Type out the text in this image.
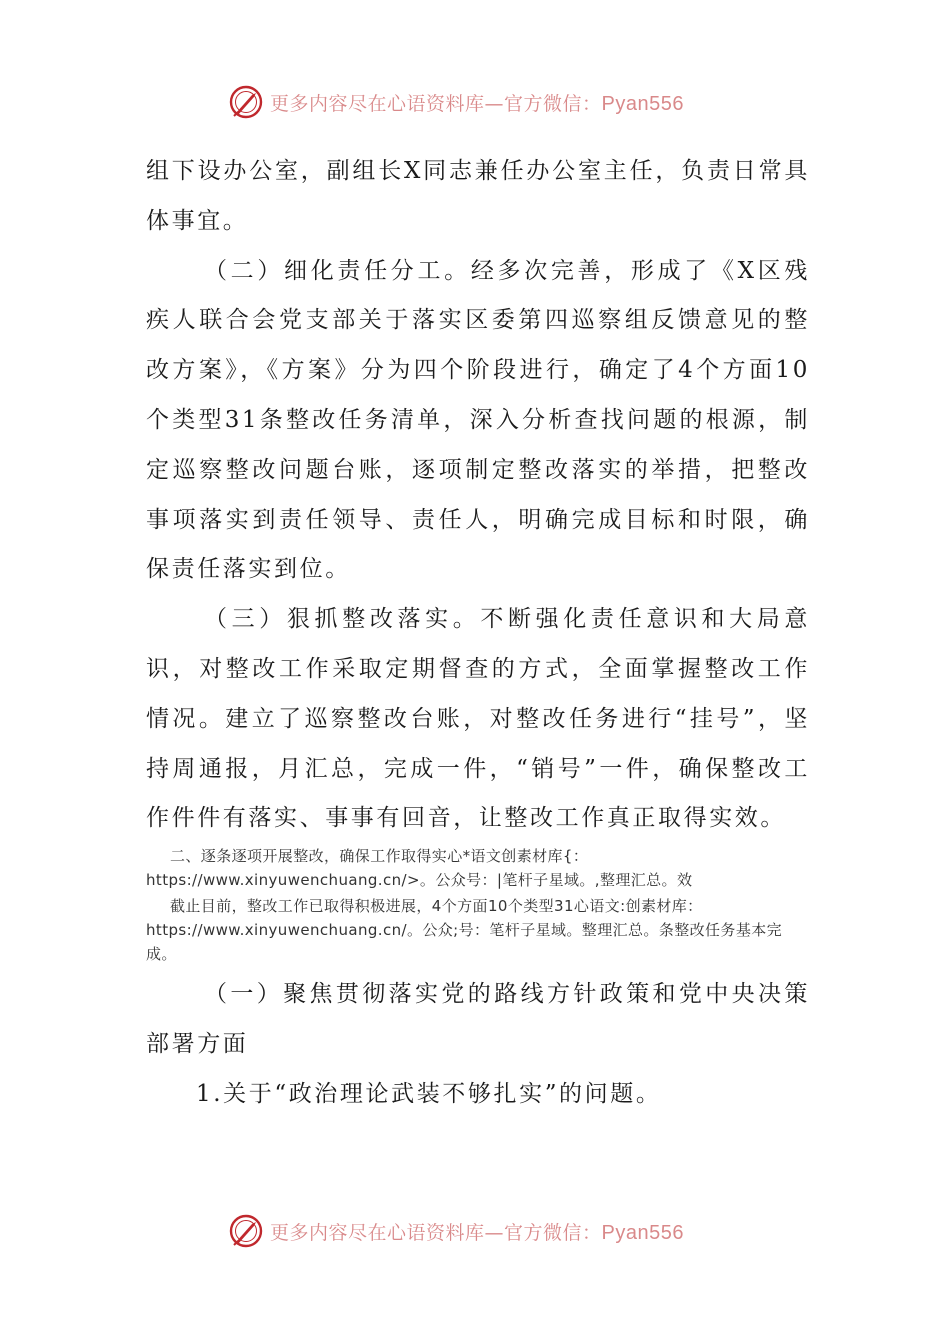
更多内容尽在心语资料库—官方微信：Pyan556

组下设办公室，副组长X同志兼任办公室主任，负责日常具体事宜。

（二）细化责任分工。经多次完善，形成了《X区残疾人联合会党支部关于落实区委第四巡察组反馈意见的整改方案》，《方案》分为四个阶段进行，确定了4个方面10个类型31条整改任务清单，深入分析查找问题的根源，制定巡察整改问题台账，逐项制定整改落实的举措，把整改事项落实到责任领导、责任人，明确完成目标和时限，确保责任落实到位。

（三）狠抓整改落实。不断强化责任意识和大局意识，对整改工作采取定期督查的方式，全面掌握整改工作情况。建立了巡察整改台账，对整改任务进行“挂号”，坚持周通报，月汇总，完成一件，“销号”一件，确保整改工作件件有落实、事事有回音，让整改工作真正取得实效。

二、逐条逐项开展整改，确保工作取得实心*语文创素材库{：https://www.xinyuwenchuang.cn/>。公众号：|笔杆子星域。,整理汇总。效

截止目前，整改工作已取得积极进展，4个方面10个类型31心语文:创素材库：https://www.xinyuwenchuang.cn/。公众;号：笔杆子星域。整理汇总。条整改任务基本完成。

（一）聚焦贯彻落实党的路线方针政策和党中央决策部署方面

1.关于“政治理论武装不够扎实”的问题。

更多内容尽在心语资料库—官方微信：Pyan556
